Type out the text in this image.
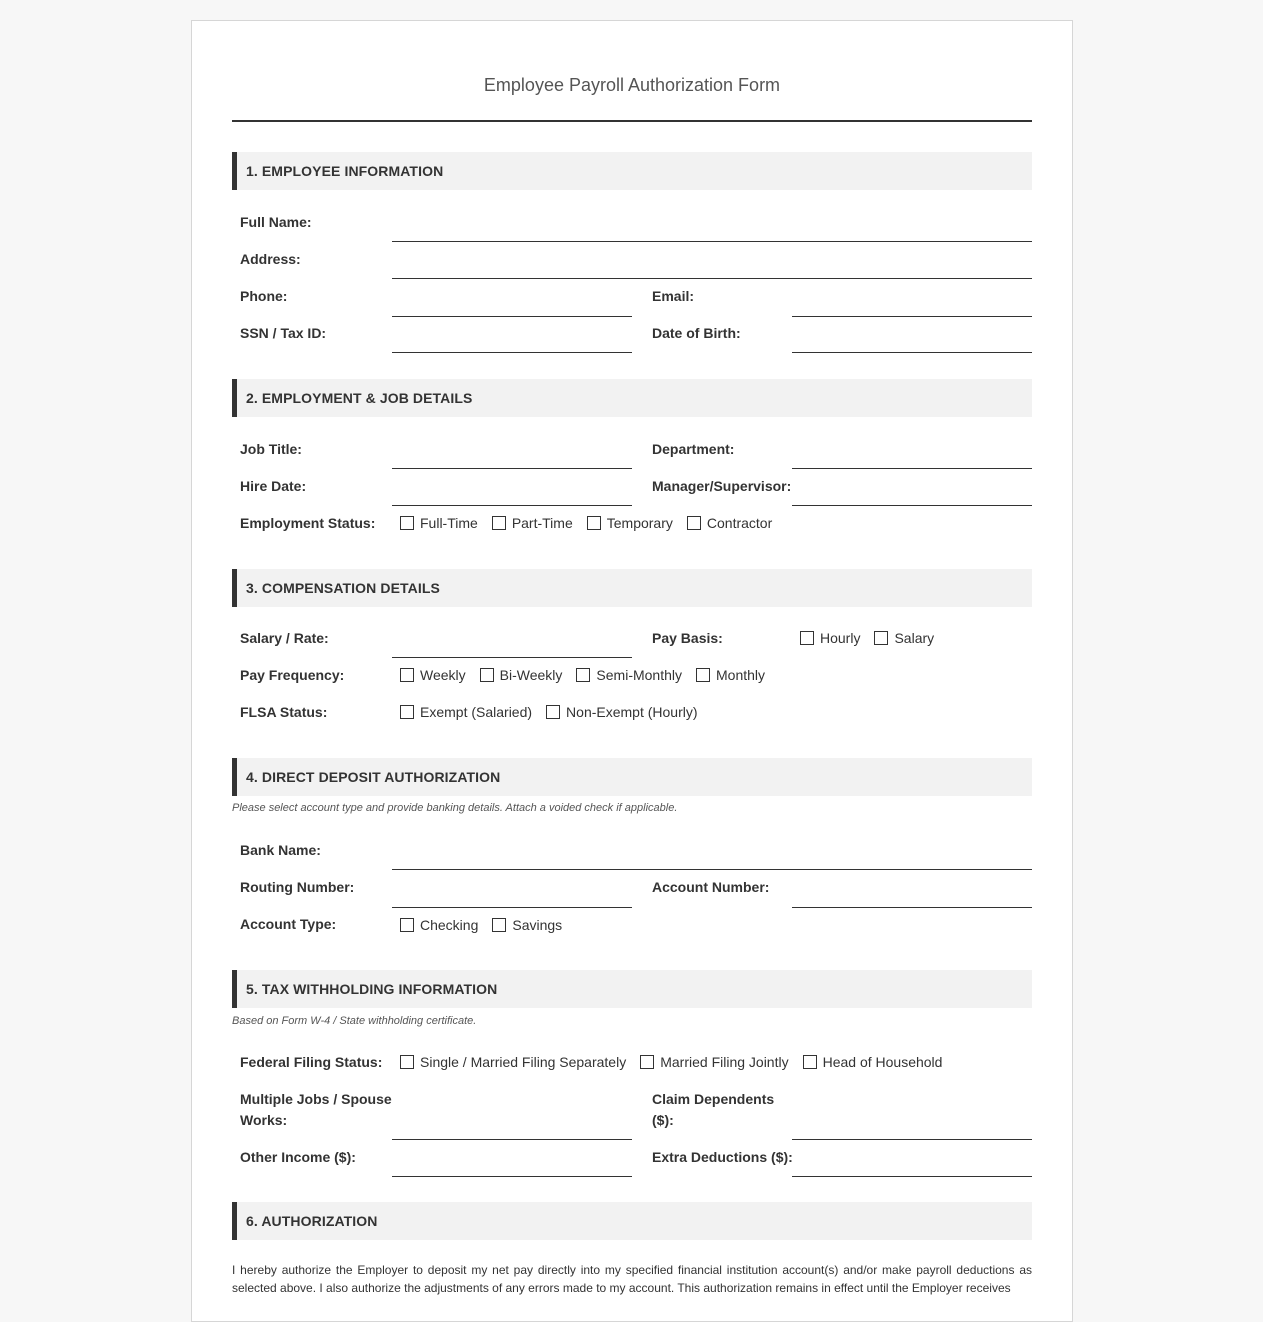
Employee Payroll Authorization Form
1. EMPLOYEE INFORMATION
Full Name:
Address:
Phone:	Email:
SSN / Tax ID:	Date of Birth:
2. EMPLOYMENT & JOB DETAILS
Job Title:	Department:
Hire Date:	Manager/Supervisor:
Employment Status:	Full-Time Part-Time Temporary Contractor
3. COMPENSATION DETAILS
Salary / Rate:	Pay Basis:	Hourly Salary
Pay Frequency:	Weekly Bi-Weekly Semi-Monthly Monthly
FLSA Status:	Exempt (Salaried) Non-Exempt (Hourly)
4. DIRECT DEPOSIT AUTHORIZATION
Please select account type and provide banking details. Attach a voided check if applicable.
Bank Name:
Routing Number:	Account Number:
Account Type:	Checking Savings
5. TAX WITHHOLDING INFORMATION
Based on Form W-4 / State withholding certificate.
Federal Filing Status:	Single / Married Filing Separately Married Filing Jointly Head of Household
Multiple Jobs / Spouse
Works:
Claim Dependents
($):
Other Income ($):	Extra Deductions ($):
6. AUTHORIZATION
I hereby authorize the Employer to deposit my net pay directly into my specified financial institution account(s) and/or make payroll deductions as selected above. I also authorize the adjustments of any errors made to my account. This authorization remains in effect until the Employer receives
